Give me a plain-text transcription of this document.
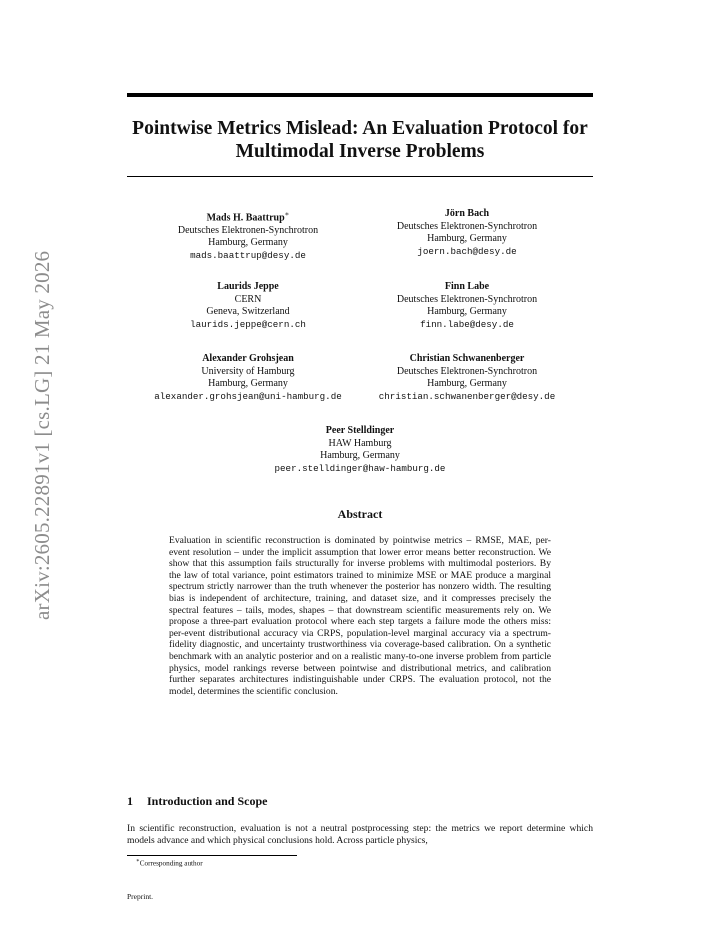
Pointwise Metrics Mislead: An Evaluation Protocol for
Multimodal Inverse Problems
arXiv:2605.22891v1 [cs.LG] 21 May 2026
Mads H. Baattrup∗
Deutsches Elektronen-Synchrotron
Hamburg, Germany
mads.baattrup@desy.de
Jörn Bach
Deutsches Elektronen-Synchrotron
Hamburg, Germany
joern.bach@desy.de
Laurids Jeppe
CERN
Geneva, Switzerland
laurids.jeppe@cern.ch
Finn Labe
Deutsches Elektronen-Synchrotron
Hamburg, Germany
finn.labe@desy.de
Alexander Grohsjean
University of Hamburg
Hamburg, Germany
alexander.grohsjean@uni-hamburg.de
Christian Schwanenberger
Deutsches Elektronen-Synchrotron
Hamburg, Germany
christian.schwanenberger@desy.de
Peer Stelldinger
HAW Hamburg
Hamburg, Germany
peer.stelldinger@haw-hamburg.de
Abstract
Evaluation in scientific reconstruction is dominated by pointwise metrics – RMSE, MAE, per-event resolution – under the implicit assumption that lower error means better reconstruction. We show that this assumption fails structurally for inverse problems with multimodal posteriors. By the law of total variance, point estimators trained to minimize MSE or MAE produce a marginal spectrum strictly narrower than the truth whenever the posterior has nonzero width. The resulting bias is independent of architecture, training, and dataset size, and it compresses precisely the spectral features – tails, modes, shapes – that downstream scientific measurements rely on. We propose a three-part evaluation protocol where each step targets a failure mode the others miss: per-event distributional accuracy via CRPS, population-level marginal accuracy via a spectrum-fidelity diagnostic, and uncertainty trustworthiness via coverage-based calibration. On a synthetic benchmark with an analytic posterior and on a realistic many-to-one inverse problem from particle physics, model rankings reverse between pointwise and distributional metrics, and calibration further separates architectures indistinguishable under CRPS. The evaluation protocol, not the model, determines the scientific conclusion.
1 Introduction and Scope
In scientific reconstruction, evaluation is not a neutral postprocessing step: the metrics we report determine which models advance and which physical conclusions hold. Across particle physics,
∗Corresponding author
Preprint.
